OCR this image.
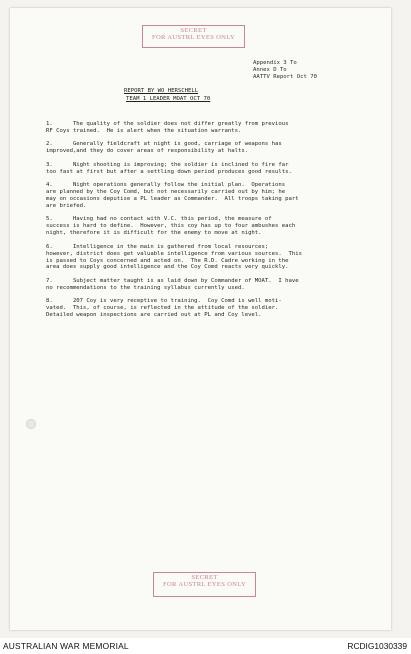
SECRET
FOR AUSTRL EYES ONLY
Appendix 3 To
Annex D To
AATTV Report Oct 70
REPORT BY WO HERSCHELL
TEAM 1 LEADER MOAT OCT 70
1.      The quality of the soldier does not differ greatly from previous
RF Coys trained.  He is alert when the situation warrants.
2.      Generally fieldcraft at night is good, carriage of weapons has
improved,and they do cover areas of responsibility at halts.
3.      Night shooting is improving; the soldier is inclined to fire far
too fast at first but after a settling down period produces good results.
4.      Night operations generally follow the initial plan.  Operations
are planned by the Coy Comd, but not necessarily carried out by him; he
may on occasions deputise a PL leader as Commander.  All troops taking part
are briefed.
5.      Having had no contact with V.C. this period, the measure of
success is hard to define.  However, this coy has up to four ambushes each
night, therefore it is difficult for the enemy to move at night.
6.      Intelligence in the main is gathered from local resources;
however, district does get valuable intelligence from various sources.  This
is passed to Coys concerned and acted on.  The R.D. Cadre working in the
area does supply good intelligence and the Coy Comd reacts very quickly.
7.      Subject matter taught is as laid down by Commander of MOAT.  I have
no recommendations to the training syllabus currently used.
8.      207 Coy is very receptive to training.  Coy Comd is well moti-
vated.  This, of course, is reflected in the attitude of the soldier.
Detailed weapon inspections are carried out at PL and Coy level.
SECRET
FOR AUSTRL EYES ONLY
AUSTRALIAN WAR MEMORIAL	RCDIG1030339
